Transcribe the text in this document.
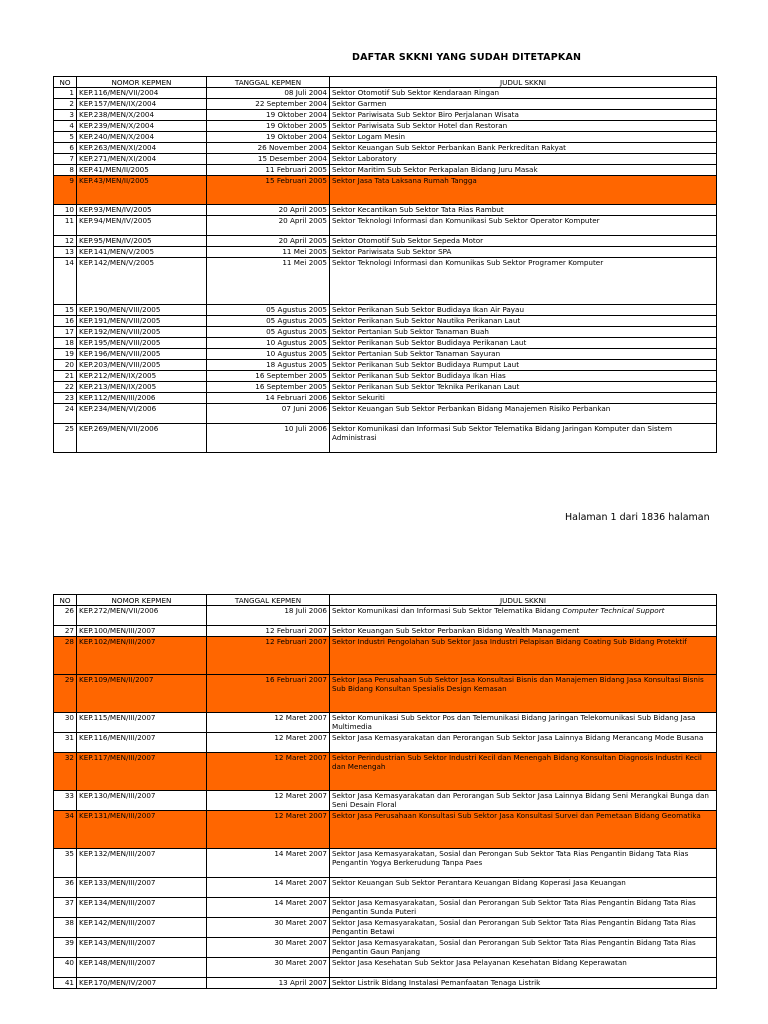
DAFTAR SKKNI YANG SUDAH DITETAPKAN
NO	NOMOR KEPMEN	TANGGAL KEPMEN	JUDUL SKKNI
1	KEP.116/MEN/VII/2004	08 Juli 2004	Sektor Otomotif Sub Sektor Kendaraan Ringan
2	KEP.157/MEN/IX/2004	22 September 2004	Sektor Garmen
3	KEP.238/MEN/X/2004	19 Oktober 2004	Sektor Pariwisata Sub Sektor Biro Perjalanan Wisata
4	KEP.239/MEN/X/2004	19 Oktober 2005	Sektor Pariwisata Sub Sektor Hotel dan Restoran
5	KEP.240/MEN/X/2004	19 Oktober 2004	Sektor Logam Mesin
6	KEP.263/MEN/XI/2004	26 November 2004	Sektor Keuangan Sub Sektor Perbankan Bank Perkreditan Rakyat
7	KEP.271/MEN/XI/2004	15 Desember 2004	Sektor Laboratory
8	KEP.41/MEN/II/2005	11 Februari 2005	Sektor Maritim Sub Sektor Perkapalan Bidang Juru Masak
9	KEP.43/MEN/II/2005	15 Februari 2005	Sektor Jasa Tata Laksana Rumah Tangga
10	KEP.93/MEN/IV/2005	20 April 2005	Sektor Kecantikan Sub Sektor Tata Rias Rambut
11	KEP.94/MEN/IV/2005	20 April 2005	Sektor Teknologi Informasi dan Komunikasi Sub Sektor Operator Komputer
12	KEP.95/MEN/IV/2005	20 April 2005	Sektor Otomotif Sub Sektor Sepeda Motor
13	KEP.141/MEN/V/2005	11 Mei 2005	Sektor Pariwisata Sub Sektor SPA
14	KEP.142/MEN/V/2005	11 Mei 2005	Sektor Teknologi Informasi dan Komunikas Sub Sektor Programer Komputer
15	KEP.190/MEN/VIII/2005	05 Agustus 2005	Sektor Perikanan Sub Sektor Budidaya Ikan Air Payau
16	KEP.191/MEN/VIII/2005	05 Agustus 2005	Sektor Perikanan Sub Sektor Nautika Perikanan Laut
17	KEP.192/MEN/VIII/2005	05 Agustus 2005	Sektor Pertanian Sub Sektor Tanaman Buah
18	KEP.195/MEN/VIII/2005	10 Agustus 2005	Sektor Perikanan Sub Sektor Budidaya Perikanan Laut
19	KEP.196/MEN/VIII/2005	10 Agustus 2005	Sektor Pertanian Sub Sektor Tanaman Sayuran
20	KEP.203/MEN/VIII/2005	18 Agustus 2005	Sektor Perikanan Sub Sektor Budidaya Rumput Laut
21	KEP.212/MEN/IX/2005	16 September 2005	Sektor Perikanan Sub Sektor Budidaya Ikan Hias
22	KEP.213/MEN/IX/2005	16 September 2005	Sektor Perikanan Sub Sektor Teknika Perikanan Laut
23	KEP.112/MEN/III/2006	14 Februari 2006	Sektor Sekuriti
24	KEP.234/MEN/VI/2006	07 Juni 2006	Sektor Keuangan Sub Sektor Perbankan Bidang Manajemen Risiko Perbankan
25	KEP.269/MEN/VII/2006	10 Juli 2006	Sektor Komunikasi dan Informasi Sub Sektor Telematika Bidang Jaringan Komputer dan Sistem Administrasi
Halaman 1 dari 1836 halaman
NO	NOMOR KEPMEN	TANGGAL KEPMEN	JUDUL SKKNI
26	KEP.272/MEN/VII/2006	18 Juli 2006	Sektor Komunikasi dan Informasi Sub Sektor Telematika Bidang Computer Technical Support
27	KEP.100/MEN/III/2007	12 Februari 2007	Sektor Keuangan Sub Sektor Perbankan Bidang Wealth Management
28	KEP.102/MEN/III/2007	12 Februari 2007	Sektor Industri Pengolahan Sub Sektor Jasa Industri Pelapisan Bidang Coating Sub Bidang Protektif
29	KEP.109/MEN/II/2007	16 Februari 2007	Sektor Jasa Perusahaan Sub Sektor Jasa Konsultasi Bisnis dan Manajemen Bidang Jasa Konsultasi Bisnis Sub Bidang Konsultan Spesialis Design Kemasan
30	KEP.115/MEN/III/2007	12 Maret 2007	Sektor Komunikasi Sub Sektor Pos dan Telemunikasi Bidang Jaringan Telekomunikasi Sub Bidang Jasa Multimedia
31	KEP.116/MEN/III/2007	12 Maret 2007	Sektor Jasa Kemasyarakatan dan Perorangan Sub Sektor Jasa Lainnya Bidang Merancang Mode Busana
32	KEP.117/MEN/III/2007	12 Maret 2007	Sektor Perindustrian Sub Sektor Industri Kecil dan Menengah Bidang Konsultan Diagnosis Industri Kecil dan Menengah
33	KEP.130/MEN/III/2007	12 Maret 2007	Sektor Jasa Kemasyarakatan dan Perorangan Sub Sektor Jasa Lainnya Bidang Seni Merangkai Bunga dan Seni Desain Floral
34	KEP.131/MEN/III/2007	12 Maret 2007	Sektor Jasa Perusahaan Konsultasi Sub Sektor Jasa Konsultasi Survei dan Pemetaan Bidang Geomatika
35	KEP.132/MEN/III/2007	14 Maret 2007	Sektor Jasa Kemasyarakatan, Sosial dan Perongan Sub Sektor Tata Rias Pengantin Bidang Tata Rias Pengantin Yogya Berkerudung Tanpa Paes
36	KEP.133/MEN/III/2007	14 Maret 2007	Sektor Keuangan Sub Sektor Perantara Keuangan Bidang Koperasi Jasa Keuangan
37	KEP.134/MEN/III/2007	14 Maret 2007	Sektor Jasa Kemasyarakatan, Sosial dan Perorangan Sub Sektor Tata Rias Pengantin Bidang Tata Rias Pengantin Sunda Puteri
38	KEP.142/MEN/III/2007	30 Maret 2007	Sektor Jasa Kemasyarakatan, Sosial dan Perorangan Sub Sektor Tata Rias Pengantin Bidang Tata Rias Pengantin Betawi
39	KEP.143/MEN/III/2007	30 Maret 2007	Sektor Jasa Kemasyarakatan, Sosial dan Perorangan Sub Sektor Tata Rias Pengantin Bidang Tata Rias Pengantin Gaun Panjang
40	KEP.148/MEN/III/2007	30 Maret 2007	Sektor Jasa Kesehatan Sub Sektor Jasa Pelayanan Kesehatan Bidang Keperawatan
41	KEP.170/MEN/IV/2007	13 April 2007	Sektor Listrik Bidang Instalasi Pemanfaatan Tenaga Listrik
